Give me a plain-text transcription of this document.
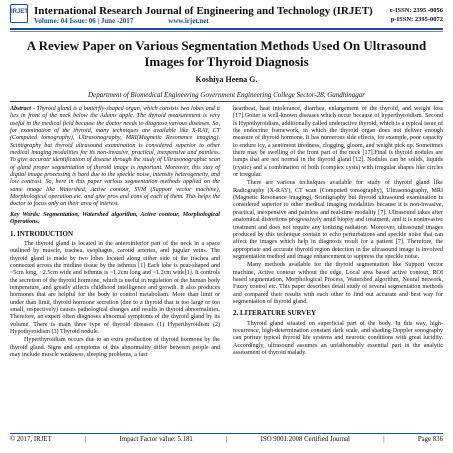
IRJET International Research Journal of Engineering and Technology (IRJET)
Volume: 04 Issue: 06 | June -2017	www.irjet.net
e-ISSN: 2395 -0056
p-ISSN: 2395-0072
A Review Paper on Various Segmentation Methods Used On Ultrasound
Images for Thyroid Diagnosis
Koshiya Heena G.
Department of Biomedical Engineering Government Engineering College Sector-28, Gandhinagar

Abstract - Thyroid gland is a butterfly-shaped organ, which consists two lobes and it lies in front of the neck below the Adams apple. The thyroid measurement is very useful in the medical field because the doctor needs to diagnose various diseases. So, for examination of the thyroid, many techniques are available like X-RAY, CT (Computed tomography), Ultrasonography, MRI(Magnetic Resonance imaging). Scintigraphy but thyroid ultrasound examination is considered superior to other medical imaging modalities for its non-invasive, practical, inexpensive and painless. To give accurate identification of disease through the study of Ultrasonographic scan of gland proper segmentation of thyroid image is important. Moreover, this stay of digital image processing is hard due to the speckle noise, intensity heterogeneity, and low contrast. So, here in this paper various segmentation methods applied on the same image like Watershed, Active contour, SVM (Support vector machine), Morphological operation etc. and give pros and cons of each of them. This helps the doctor to focus only on their area of interest.

Key Words: Segmentation, Watershed algorithm, Active contour, Morphological Operations.

1. INTRODUCTION

The thyroid gland is located in the anteroinferior part of the neck in a space outlined by muscle, trachea, esophagus, carotid arteries, and jugular veins. The thyroid gland is made by two lobes located along either side of the trachea and connected across the midline tissue by the isthmus [1] Each lobe is pear-shaped and ~5cm long, ~2.5cm wide and isthmus is ~1.2cm long and ~1.2cm wide[1]. It controls the secretion of the thyroid hormone, which is useful in regulation of the human body temperature, and greatly affects childhood intelligence and growth. It also produces hormones that are helpful for the body to control metabolism. More than limit or under than limit, thyroid hormone secretion (due to a thyroid that is too large or too small, respectively) causes pathological changes and results in thyroid abnormalities. Therefore, an expert often diagnoses abnormal symptoms of the thyroid gland by its volume. There is main three type of thyroid diseases (1) Hyperthyroidism (2) Hypothyroidism (3) Thyroid nodule.

Hyperthyroidism occurs due to an extra production of thyroid hormone by the thyroid gland. Signs and symptoms of this abnormality differ between people and may include muscle weakness, sleeping problems, a fast

heartbeat, heat intolerance, diarrhea, enlargement of the thyroid, and weight loss [17].Goiter is well-known diseases which occur because of hyperthyroidism. Second is Hypothyroidism, additionally called underactive thyroid, which is a typical issue of the endocrine framework, in which the thyroid organ does not deliver enough measure of thyroid hormone. It has numerous side effects, for example, poor capacity to endure icy, a sentiment tiredness, clogging, gloom, and weight pick up. Sometimes there may be swelling of the front part of the neck [17].Final is thyroid nodules are lumps that are not normal in the thyroid gland [12]. Nodules can be solids, liquids (cystic) and a combination of both (complex cysts) with irregular shapes like circles or irregular.

There are various techniques available for study of thyroid gland like Radiography (X-RAY), CT scan (Computed tomography), Ultrasonography, MRI (Magnetic Resonance imaging), Scintigraphy but thyroid ultrasound examination is considered superior to other medical imaging modalities because it is non-invasive, practical, inexpensive and painless and real-time modality [7]. Ultrasound takes after anatomical distortions progressively amid biopsy and treatment, and it is noninvasive treatment and does not require any ionizing radiation. Moreover, ultrasound images produced by this technique contain to echo perturbations and speckle noise that can affect the images which help in diagnosis result for a patient [7]. Therefore, the appropriate and accurate thyroid region detection in the ultrasound image is involved segmentation method and image enhancement to suppress the speckle noise.

Many methods available for the thyroid segmentation like Support vector machine, Active contour without the edge, Local area based active contour, ROI based segmentation, Morphological Process, Watershed algorithm, Neural network, Fuzzy control etc. This paper describes detail study of several segmentation methods and compared their results with each other to find out accurate and best way for segmentation of thyroid gland.

2. LITERATURE SURVEY

Thyroid gland situated on superficial part of the body. In this way, high-recurrence, high-determination constant dark scale, and shading Doppler sonography can portray typical thyroid life systems and neurotic conditions with great lucidity. Accordingly, ultrasound assumes an unfathomably essential part in the analytic assessment of thyroid malady.

© 2017, IRJET	|	Impact Factor value: 5.181	|	ISO 9001:2008 Certified Journal	|	Page 836
